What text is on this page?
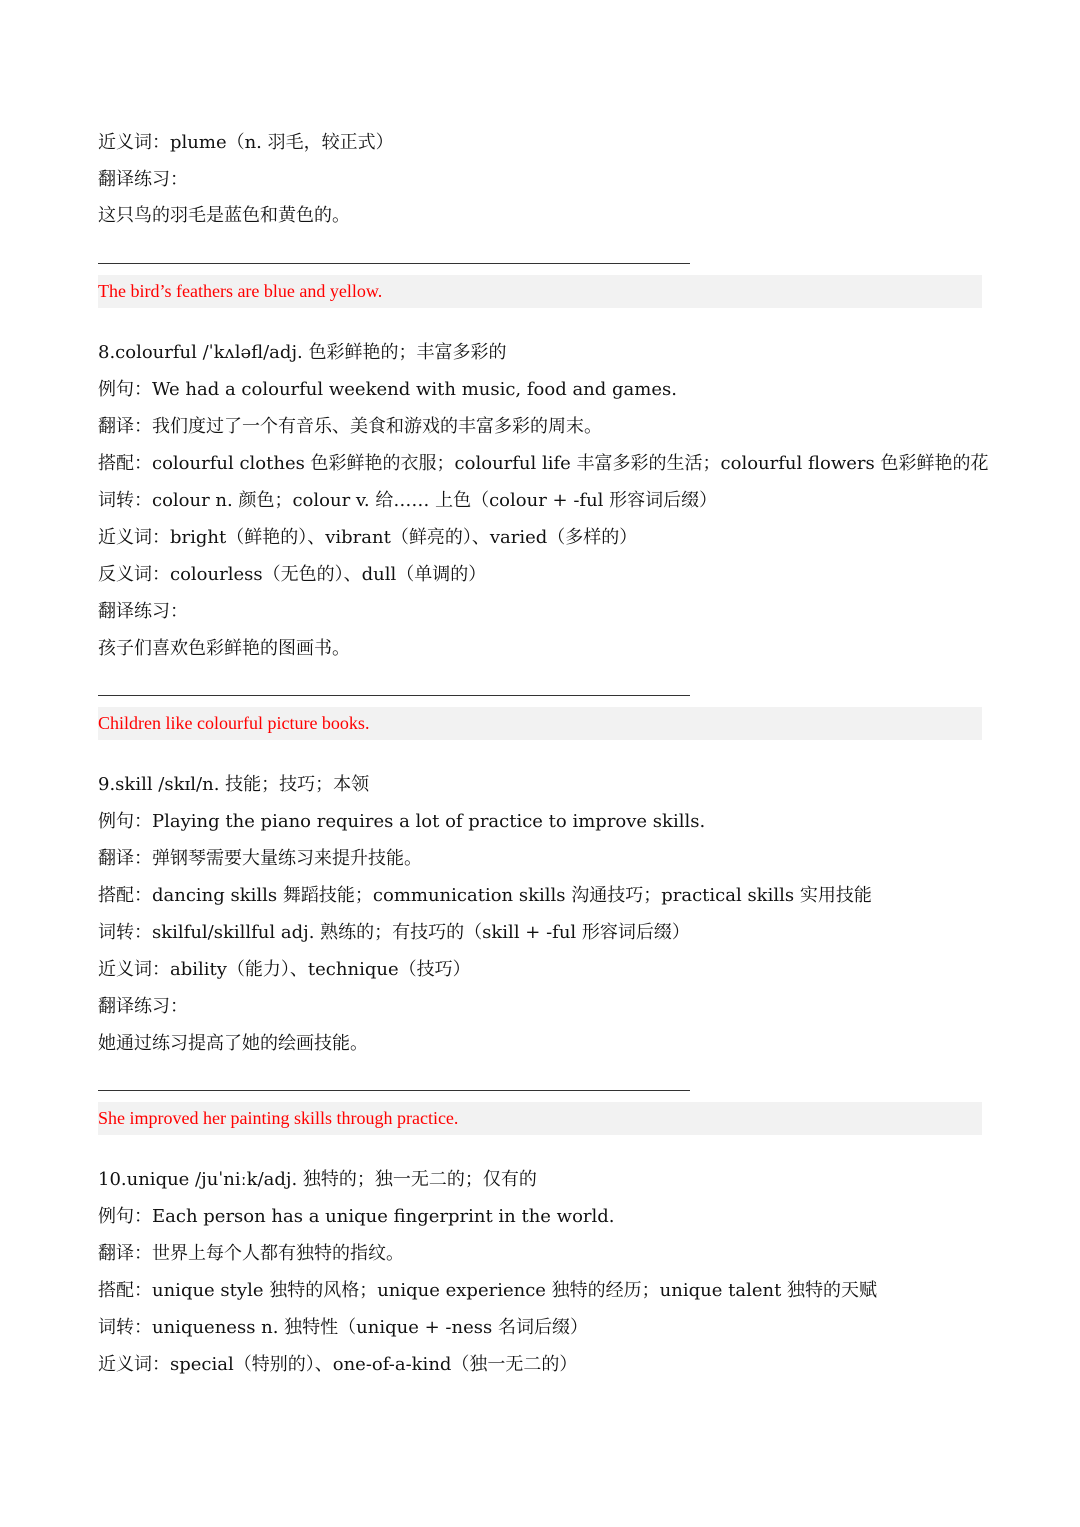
近义词：plume（n. 羽毛，较正式）
翻译练习：
这只鸟的羽毛是蓝色和黄色的。
The bird’s feathers are blue and yellow.
8.colourful /ˈkʌləfl/adj. 色彩鲜艳的；丰富多彩的
例句：We had a colourful weekend with music, food and games.
翻译：我们度过了一个有音乐、美食和游戏的丰富多彩的周末。
搭配：colourful clothes 色彩鲜艳的衣服；colourful life 丰富多彩的生活；colourful flowers 色彩鲜艳的花
词转：colour n. 颜色；colour v. 给…… 上色（colour + -ful 形容词后缀）
近义词：bright（鲜艳的）、vibrant（鲜亮的）、varied（多样的）
反义词：colourless（无色的）、dull（单调的）
翻译练习：
孩子们喜欢色彩鲜艳的图画书。
Children like colourful picture books.
9.skill /skɪl/n. 技能；技巧；本领
例句：Playing the piano requires a lot of practice to improve skills.
翻译：弹钢琴需要大量练习来提升技能。
搭配：dancing skills 舞蹈技能；communication skills 沟通技巧；practical skills 实用技能
词转：skilful/skillful adj. 熟练的；有技巧的（skill + -ful 形容词后缀）
近义词：ability（能力）、technique（技巧）
翻译练习：
她通过练习提高了她的绘画技能。
She improved her painting skills through practice.
10.unique /juˈniːk/adj. 独特的；独一无二的；仅有的
例句：Each person has a unique fingerprint in the world.
翻译：世界上每个人都有独特的指纹。
搭配：unique style 独特的风格；unique experience 独特的经历；unique talent 独特的天赋
词转：uniqueness n. 独特性（unique + -ness 名词后缀）
近义词：special（特别的）、one-of-a-kind（独一无二的）
